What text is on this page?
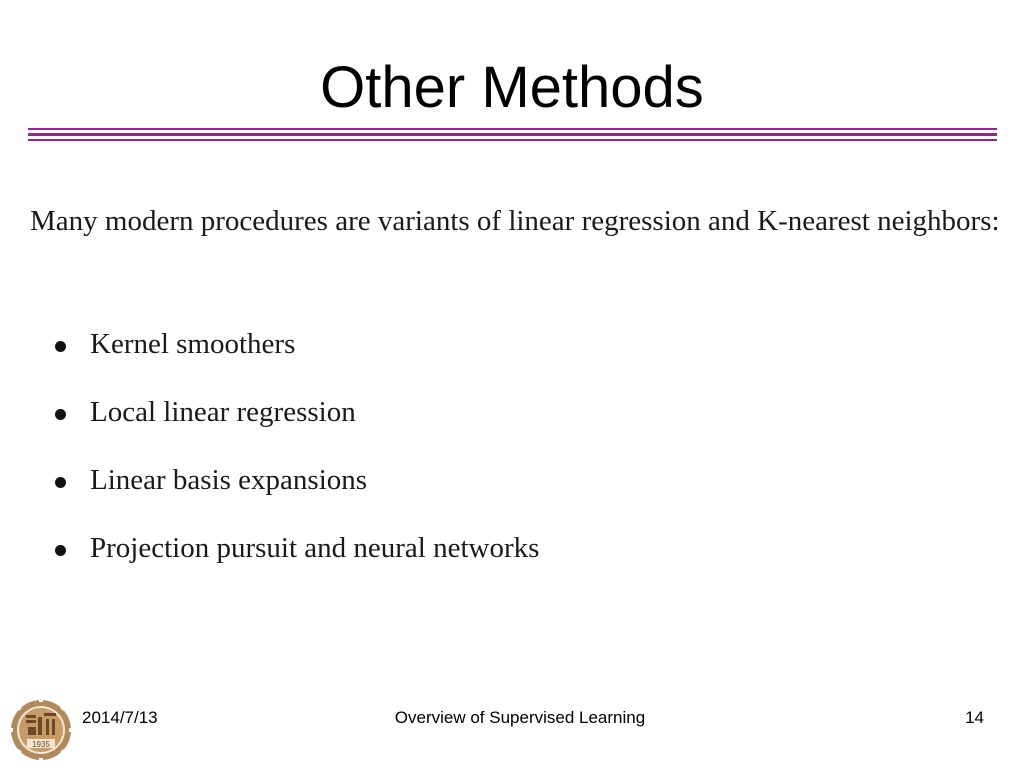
Other Methods

Many modern procedures are variants of linear regression and K-nearest neighbors:

Kernel smoothers
Local linear regression
Linear basis expansions
Projection pursuit and neural networks
1935
2014/7/13	Overview of Supervised Learning	14
